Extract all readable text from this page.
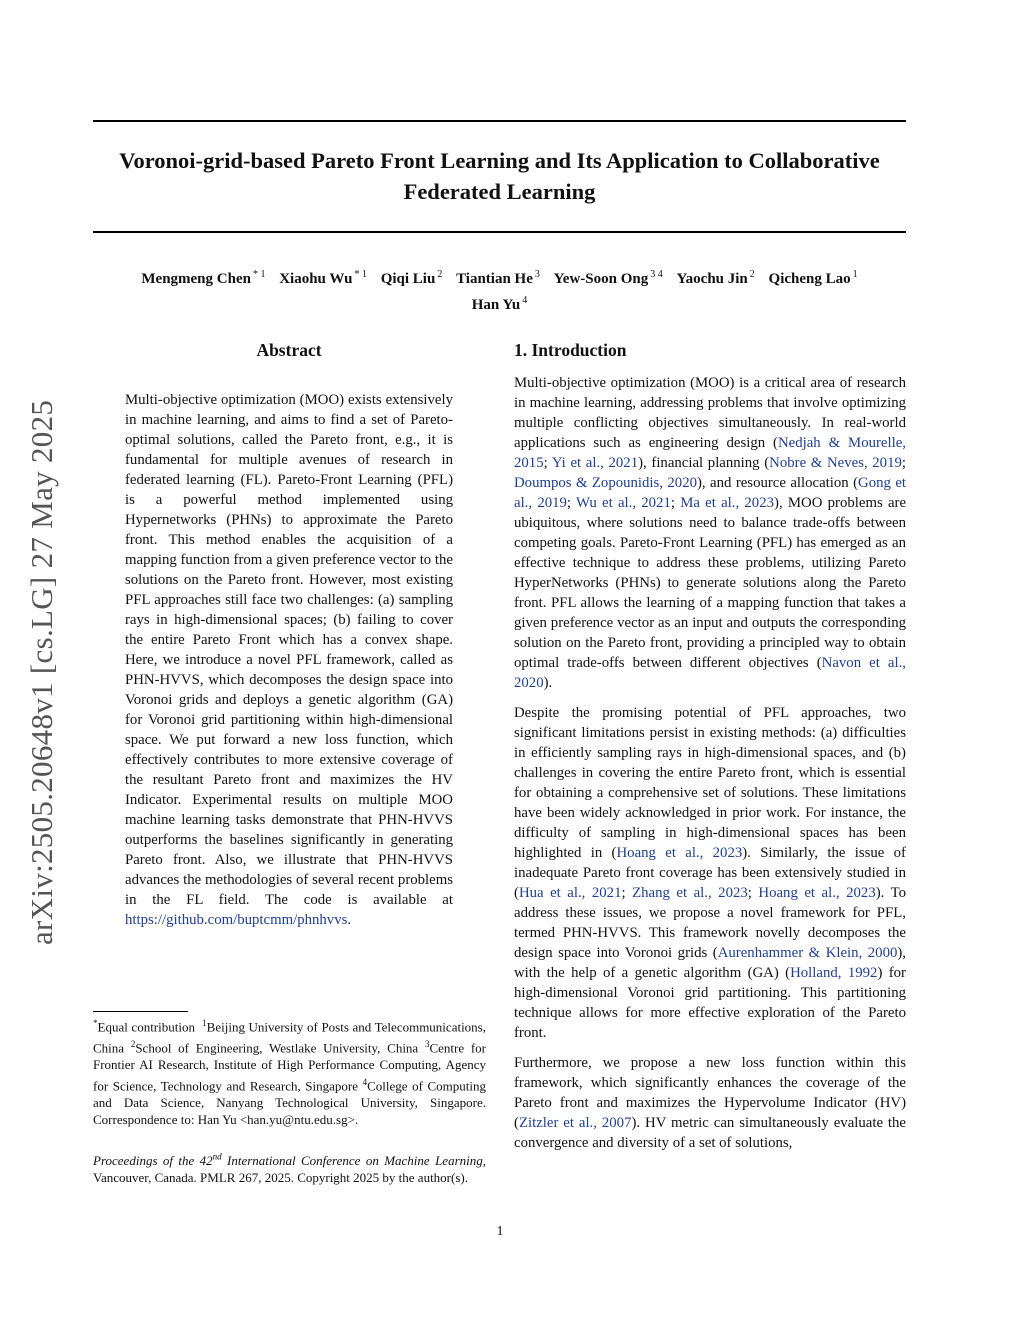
Voronoi-grid-based Pareto Front Learning and Its Application to Collaborative
Federated Learning
Mengmeng Chen $^{* 1}$ Xiaohu Wu $^{* 1}$ Qiqi Liu $^2$ Tiantian He $^3$ Yew-Soon Ong $^{3 4}$ Yaochu Jin $^2$ Qicheng Lao $^1$
Han Yu $^4$
arXiv:2505.20648v1 [cs.LG] 27 May 2025
Abstract

Multi-objective optimization (MOO) exists extensively in machine learning, and aims to find a set of Pareto-optimal solutions, called the Pareto front, e.g., it is fundamental for multiple avenues of research in federated learning (FL). Pareto-Front Learning (PFL) is a powerful method implemented using Hypernetworks (PHNs) to approximate the Pareto front. This method enables the acquisition of a mapping function from a given preference vector to the solutions on the Pareto front. However, most existing PFL approaches still face two challenges: (a) sampling rays in high-dimensional spaces; (b) failing to cover the entire Pareto Front which has a convex shape. Here, we introduce a novel PFL framework, called as PHN-HVVS, which decomposes the design space into Voronoi grids and deploys a genetic algorithm (GA) for Voronoi grid partitioning within high-dimensional space. We put forward a new loss function, which effectively contributes to more extensive coverage of the resultant Pareto front and maximizes the HV Indicator. Experimental results on multiple MOO machine learning tasks demonstrate that PHN-HVVS outperforms the baselines significantly in generating Pareto front. Also, we illustrate that PHN-HVVS advances the methodologies of several recent problems in the FL field. The code is available at https://github.com/buptcmm/phnhvvs.

*Equal contribution $^1$Beijing University of Posts and Telecommunications, China $^2$School of Engineering, Westlake University, China $^3$Centre for Frontier AI Research, Institute of High Performance Computing, Agency for Science, Technology and Research, Singapore $^4$College of Computing and Data Science, Nanyang Technological University, Singapore. Correspondence to: Han Yu <han.yu@ntu.edu.sg>.

Proceedings of the 42nd International Conference on Machine Learning, Vancouver, Canada. PMLR 267, 2025. Copyright 2025 by the author(s).

1. Introduction

Multi-objective optimization (MOO) is a critical area of research in machine learning, addressing problems that involve optimizing multiple conflicting objectives simultaneously. In real-world applications such as engineering design (Nedjah & Mourelle, 2015; Yi et al., 2021), financial planning (Nobre & Neves, 2019; Doumpos & Zopounidis, 2020), and resource allocation (Gong et al., 2019; Wu et al., 2021; Ma et al., 2023), MOO problems are ubiquitous, where solutions need to balance trade-offs between competing goals. Pareto-Front Learning (PFL) has emerged as an effective technique to address these problems, utilizing Pareto HyperNetworks (PHNs) to generate solutions along the Pareto front. PFL allows the learning of a mapping function that takes a given preference vector as an input and outputs the corresponding solution on the Pareto front, providing a principled way to obtain optimal trade-offs between different objectives (Navon et al., 2020).

Despite the promising potential of PFL approaches, two significant limitations persist in existing methods: (a) difficulties in efficiently sampling rays in high-dimensional spaces, and (b) challenges in covering the entire Pareto front, which is essential for obtaining a comprehensive set of solutions. These limitations have been widely acknowledged in prior work. For instance, the difficulty of sampling in high-dimensional spaces has been highlighted in (Hoang et al., 2023). Similarly, the issue of inadequate Pareto front coverage has been extensively studied in (Hua et al., 2021; Zhang et al., 2023; Hoang et al., 2023). To address these issues, we propose a novel framework for PFL, termed PHN-HVVS. This framework novelly decomposes the design space into Voronoi grids (Aurenhammer & Klein, 2000), with the help of a genetic algorithm (GA) (Holland, 1992) for high-dimensional Voronoi grid partitioning. This partitioning technique allows for more effective exploration of the Pareto front.

Furthermore, we propose a new loss function within this framework, which significantly enhances the coverage of the Pareto front and maximizes the Hypervolume Indicator (HV) (Zitzler et al., 2007). HV metric can simultaneously evaluate the convergence and diversity of a set of solutions,

1
